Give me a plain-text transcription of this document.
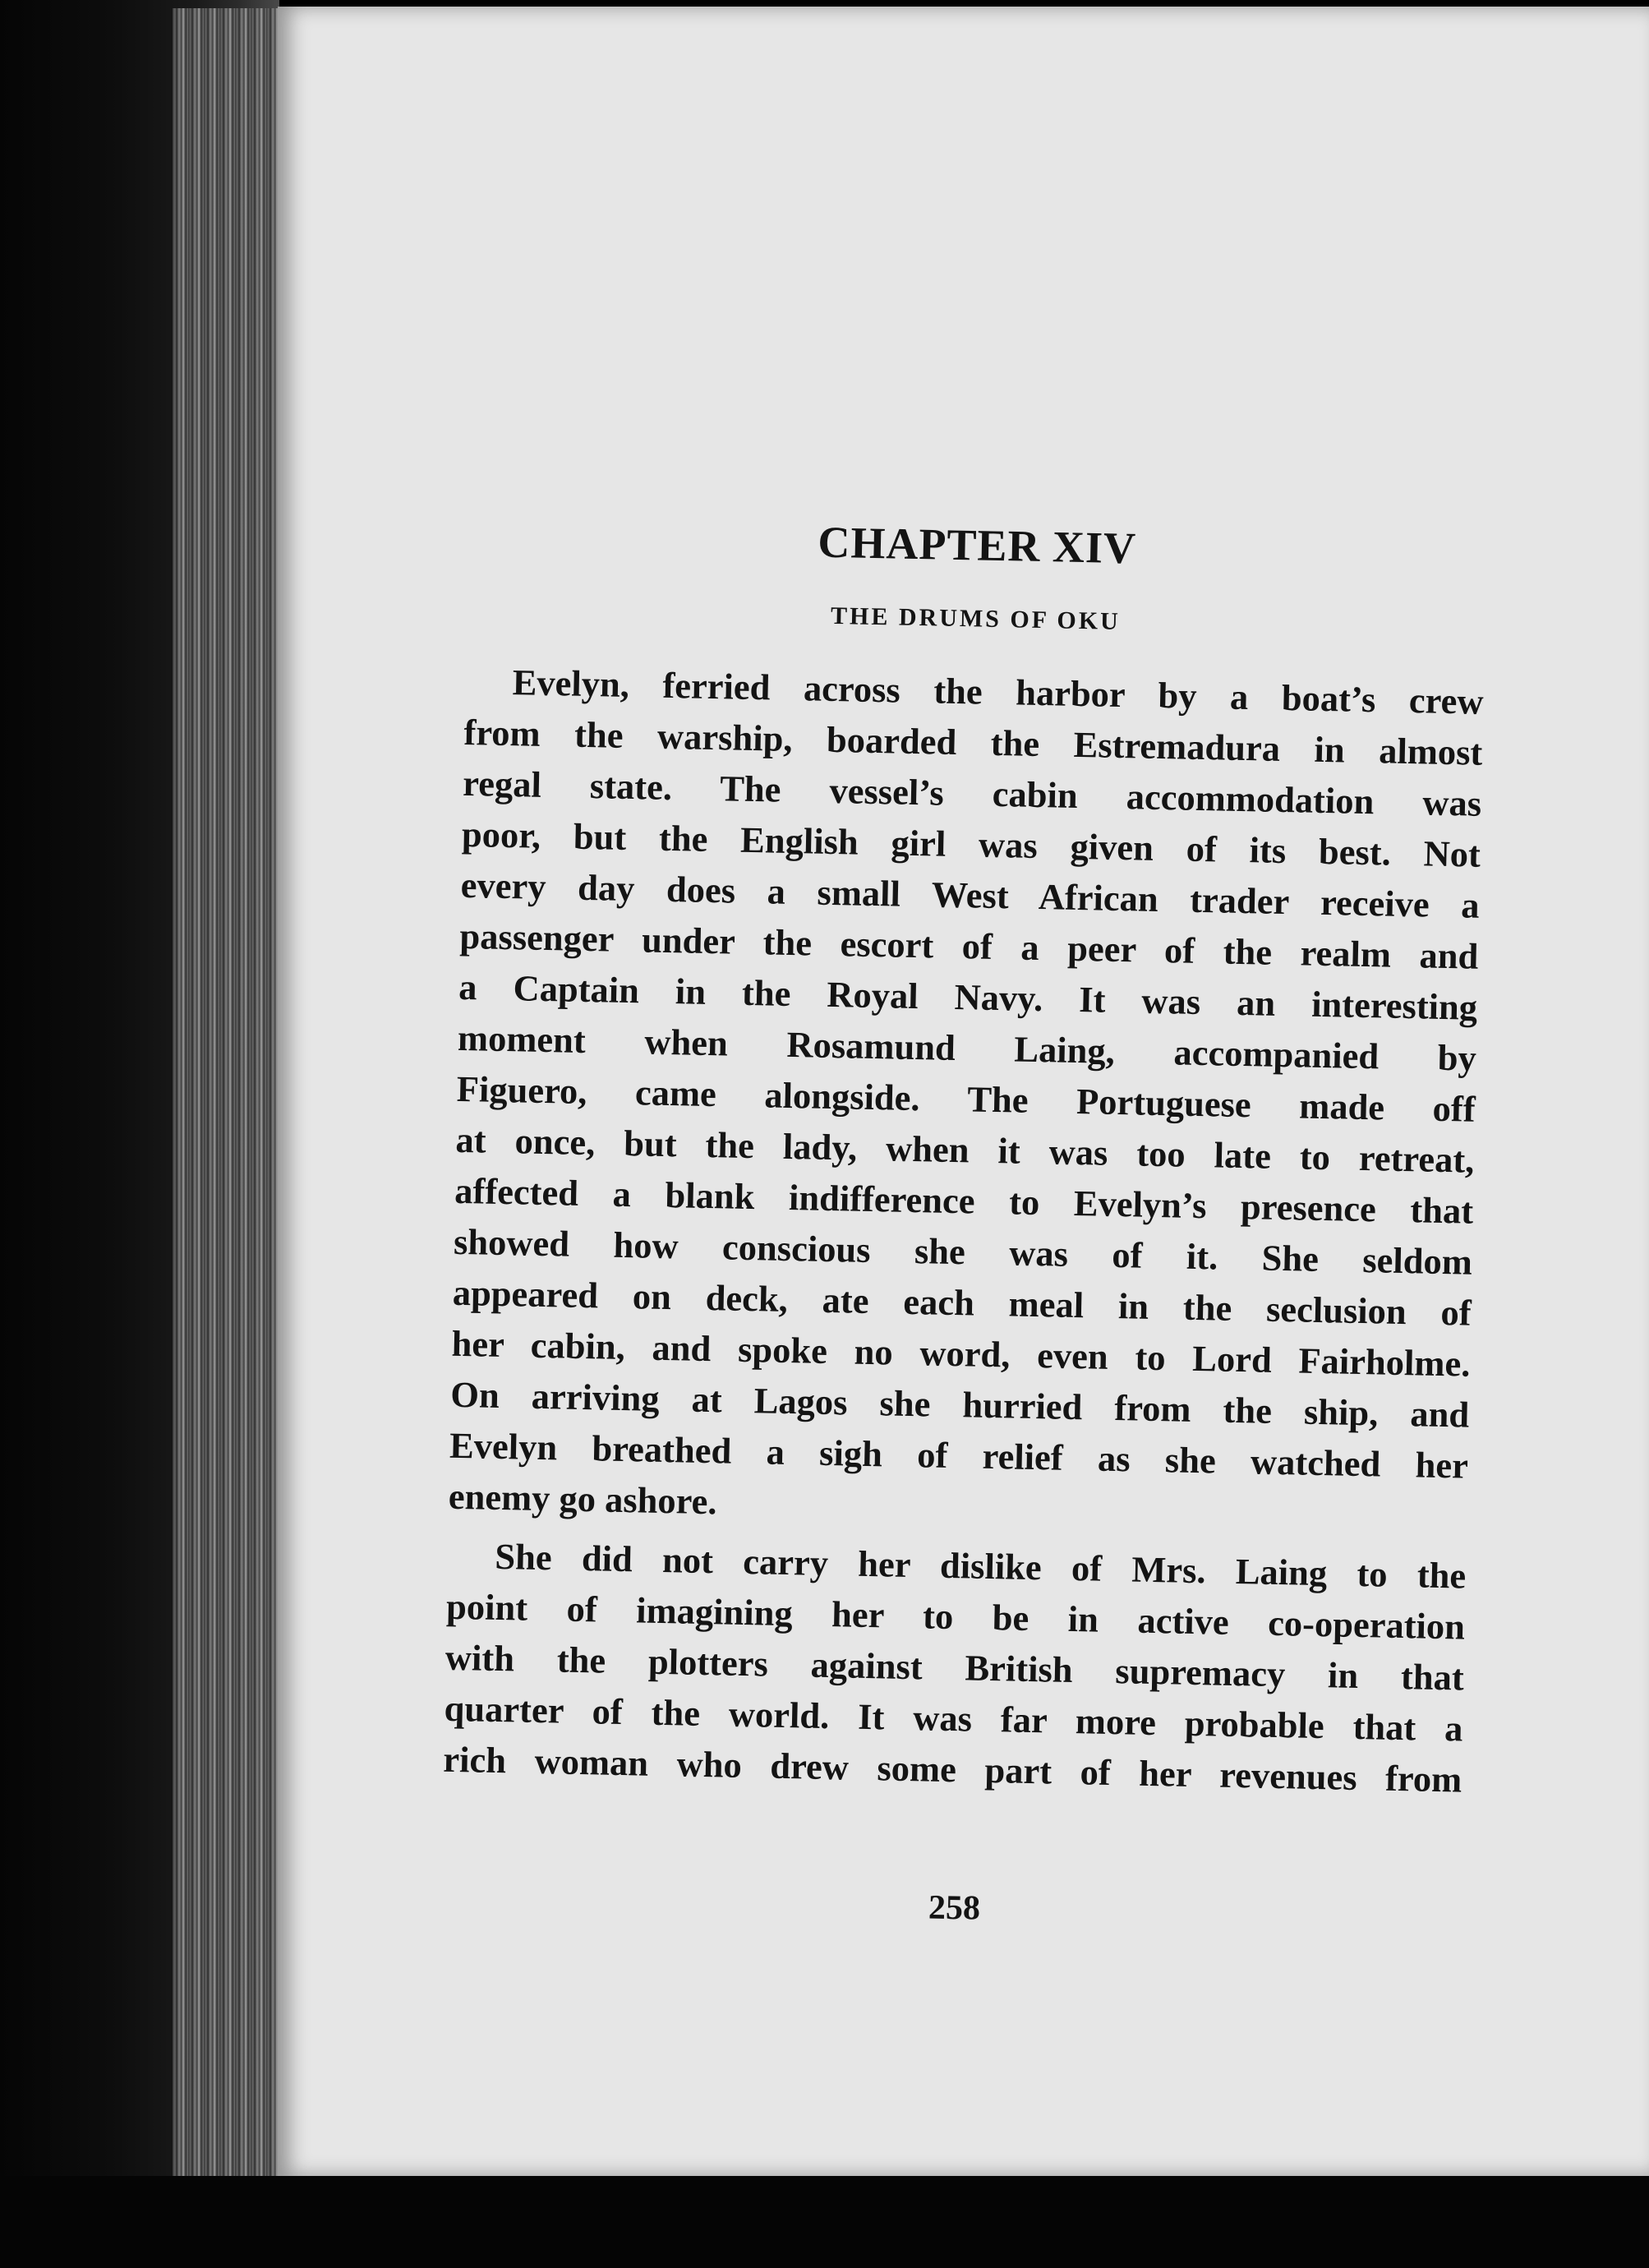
CHAPTER XIV
THE DRUMS OF OKU
Evelyn, ferried across the harbor by a boat’s crew
from the warship, boarded the Estremadura in almost
regal state. The vessel’s cabin accommodation was
poor, but the English girl was given of its best. Not
every day does a small West African trader receive a
passenger under the escort of a peer of the realm and
a Captain in the Royal Navy. It was an interesting
moment when Rosamund Laing, accompanied by
Figuero, came alongside. The Portuguese made off
at once, but the lady, when it was too late to retreat,
affected a blank indifference to Evelyn’s presence that
showed how conscious she was of it. She seldom
appeared on deck, ate each meal in the seclusion of
her cabin, and spoke no word, even to Lord Fairholme.
On arriving at Lagos she hurried from the ship, and
Evelyn breathed a sigh of relief as she watched her
enemy go ashore.
She did not carry her dislike of Mrs. Laing to the
point of imagining her to be in active co-operation
with the plotters against British supremacy in that
quarter of the world. It was far more probable that a
rich woman who drew some part of her revenues from
258
